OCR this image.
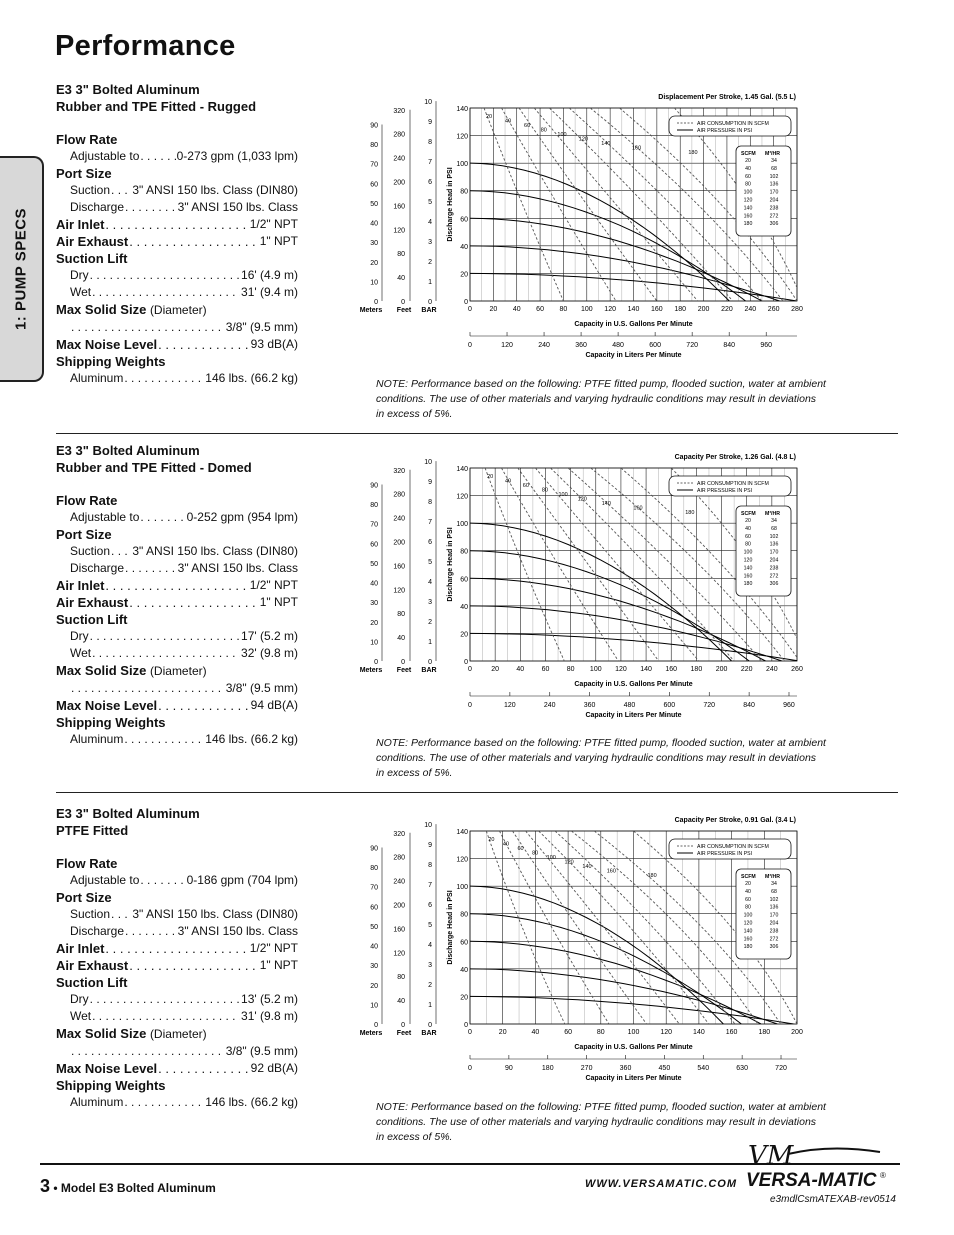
Performance
1: PUMP SPECS
E3 3" Bolted Aluminum
Rubber and TPE Fitted - Rugged
Flow Rate
Adjustable to . . .	0-273 gpm (1,033 lpm)
Port Size
Suction . . . 3" ANSI 150 lbs. Class (DIN80)
Discharge . . .	3" ANSI 150 lbs. Class
Air Inlet . . .	1/2" NPT
Air Exhaust . . .	1" NPT
Suction Lift
Dry . . .	16' (4.9 m)
Wet . . .	31' (9.4 m)
Max Solid Size (Diameter)
. . .
3/8" (9.5 mm)
Max Noise Level . . .	93 dB(A)
Shipping Weights
Aluminum . . .	146 lbs. (66.2 kg)
Displacement Per Stroke, 1.45 Gal. (5.5 L)
0	20 40 60 80 100 120 140 160 180 200 220 240 260 280
0
20
40
60
80
100
120
140
0
10
20
30
40
50
60
70
80
90
0
40
80
120
160
200
240
280
320
0
1
2
3
4
5
6
7
8
9
10
Meters Feet BAR
Discharge Head in PSI
Capacity in U.S. Gallons Per Minute
0	120	240	360	480	600	720	840	960
Capacity in Liters Per Minute
20
40
60
80
100
120
140
160
180
AIR CONSUMPTION IN SCFM
AIR PRESSURE IN PSI
SCFM M³/HR
20	34
40	68
60	102
80	136
100	170
120	204
140	238
160	272
180	306
NOTE: Performance based on the following: PTFE fitted pump, flooded suction, water at ambient conditions. The use of other materials and varying hydraulic conditions may result in deviations in excess of 5%.
E3 3" Bolted Aluminum
Rubber and TPE Fitted - Domed
Flow Rate
Adjustable to . . .	0-252 gpm (954 lpm)
Port Size
Suction . . . 3" ANSI 150 lbs. Class (DIN80)
Discharge . . .	3" ANSI 150 lbs. Class
Air Inlet . . .	1/2" NPT
Air Exhaust . . .	1" NPT
Suction Lift
Dry . . .	17' (5.2 m)
Wet . . .	32' (9.8 m)
Max Solid Size (Diameter)
. . .
3/8" (9.5 mm)
Max Noise Level . . .	94 dB(A)
Shipping Weights
Aluminum . . .	146 lbs. (66.2 kg)
Capacity Per Stroke, 1.26 Gal. (4.8 L)
0	20 40 60 80 100 120 140 160 180 200 220 240 260
0
20
40
60
80
100
120
140
0
10
20
30
40
50
60
70
80
90
0
40
80
120
160
200
240
280
320
0
1
2
3
4
5
6
7
8
9
10
Meters Feet BAR
Discharge Head in PSI
Capacity in U.S. Gallons Per Minute
0	120	240	360	480	600	720	840	960
Capacity in Liters Per Minute
20
40
60
80
100
120
140
160
180
AIR CONSUMPTION IN SCFM
AIR PRESSURE IN PSI
SCFM M³/HR
20	34
40	68
60	102
80	136
100	170
120	204
140	238
160	272
180	306
NOTE: Performance based on the following: PTFE fitted pump, flooded suction, water at ambient conditions. The use of other materials and varying hydraulic conditions may result in deviations in excess of 5%.
E3 3" Bolted Aluminum
PTFE Fitted
Flow Rate
Adjustable to . . .	0-186 gpm (704 lpm)
Port Size
Suction . . . 3" ANSI 150 lbs. Class (DIN80)
Discharge . . .	3" ANSI 150 lbs. Class
Air Inlet . . .	1/2" NPT
Air Exhaust . . .	1" NPT
Suction Lift
Dry . . .	13' (5.2 m)
Wet . . .	31' (9.8 m)
Max Solid Size (Diameter)
. . .
3/8" (9.5 mm)
Max Noise Level . . .	92 dB(A)
Shipping Weights
Aluminum . . .	146 lbs. (66.2 kg)
Capacity Per Stroke, 0.91 Gal. (3.4 L)
0	20	40	60	80	100	120	140	160	180	200
0
20
40
60
80
100
120
140
0
10
20
30
40
50
60
70
80
90
0
40
80
120
160
200
240
280
320
0
1
2
3
4
5
6
7
8
9
10
Meters Feet BAR
Discharge Head in PSI
Capacity in U.S. Gallons Per Minute
0	90	180	270	360	450	540	630	720
Capacity in Liters Per Minute
20
40
60
80
100
120
140
160
180
AIR CONSUMPTION IN SCFM
AIR PRESSURE IN PSI
SCFM M³/HR
20	34
40	68
60	102
80	136
100	170
120	204
140	238
160	272
180	306
NOTE: Performance based on the following: PTFE fitted pump, flooded suction, water at ambient conditions. The use of other materials and varying hydraulic conditions may result in deviations in excess of 5%.
3 • Model E3 Bolted Aluminum	WWW.VERSAMATIC.COM
VM
VERSA-MATIC ®
e3mdlCsmATEXAB-rev0514
